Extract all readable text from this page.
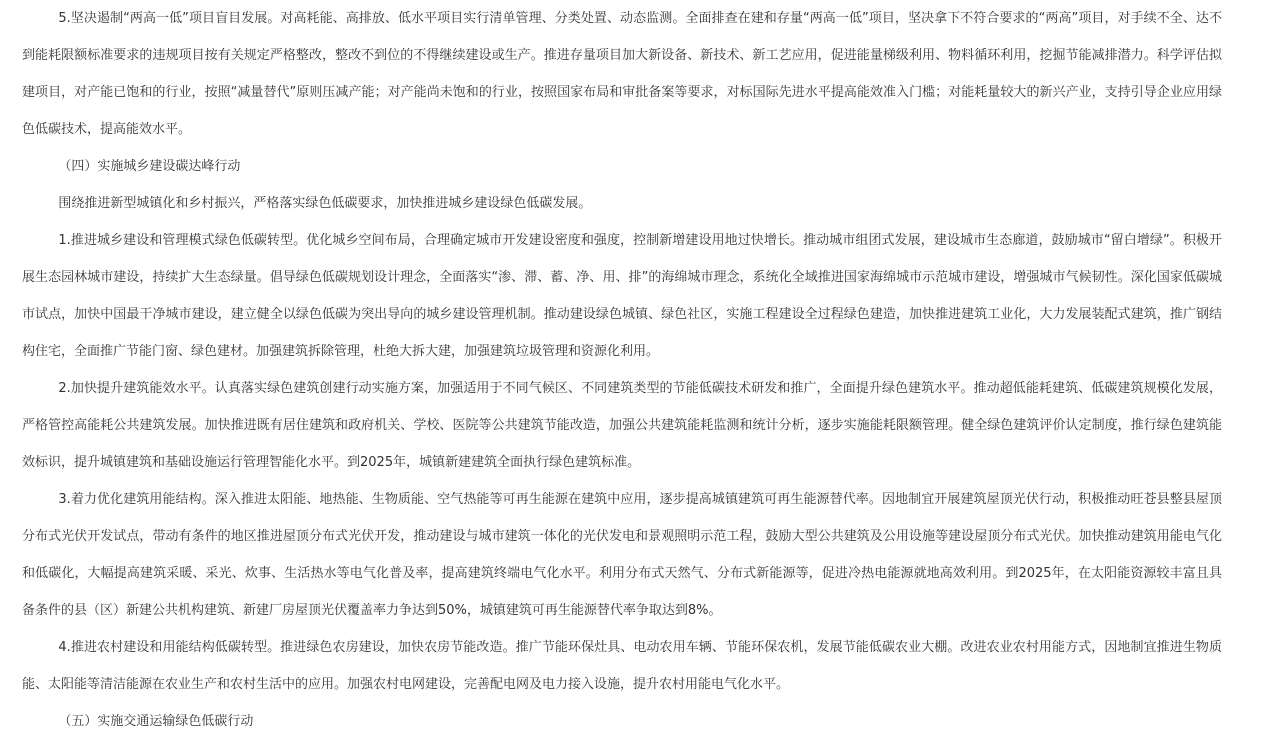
5.坚决遏制“两高一低”项目盲目发展。对高耗能、高排放、低水平项目实行清单管理、分类处置、动态监测。全面排查在建和存量“两高一低”项目，坚决拿下不符合要求的“两高”项目，对手续不全、达不到能耗限额标准要求的违规项目按有关规定严格整改，整改不到位的不得继续建设或生产。推进存量项目加大新设备、新技术、新工艺应用，促进能量梯级利用、物料循环利用，挖掘节能减排潜力。科学评估拟建项目，对产能已饱和的行业，按照“减量替代”原则压减产能；对产能尚未饱和的行业，按照国家布局和审批备案等要求，对标国际先进水平提高能效准入门槛；对能耗量较大的新兴产业，支持引导企业应用绿色低碳技术，提高能效水平。

（四）实施城乡建设碳达峰行动

围绕推进新型城镇化和乡村振兴，严格落实绿色低碳要求，加快推进城乡建设绿色低碳发展。

1.推进城乡建设和管理模式绿色低碳转型。优化城乡空间布局，合理确定城市开发建设密度和强度，控制新增建设用地过快增长。推动城市组团式发展，建设城市生态廊道，鼓励城市“留白增绿”。积极开展生态园林城市建设，持续扩大生态绿量。倡导绿色低碳规划设计理念，全面落实“渗、滞、蓄、净、用、排”的海绵城市理念，系统化全域推进国家海绵城市示范城市建设，增强城市气候韧性。深化国家低碳城市试点，加快中国最干净城市建设，建立健全以绿色低碳为突出导向的城乡建设管理机制。推动建设绿色城镇、绿色社区，实施工程建设全过程绿色建造，加快推进建筑工业化，大力发展装配式建筑，推广钢结构住宅，全面推广节能门窗、绿色建材。加强建筑拆除管理，杜绝大拆大建，加强建筑垃圾管理和资源化利用。

2.加快提升建筑能效水平。认真落实绿色建筑创建行动实施方案，加强适用于不同气候区、不同建筑类型的节能低碳技术研发和推广，全面提升绿色建筑水平。推动超低能耗建筑、低碳建筑规模化发展，严格管控高能耗公共建筑发展。加快推进既有居住建筑和政府机关、学校、医院等公共建筑节能改造，加强公共建筑能耗监测和统计分析，逐步实施能耗限额管理。健全绿色建筑评价认定制度，推行绿色建筑能效标识，提升城镇建筑和基础设施运行管理智能化水平。到2025年，城镇新建建筑全面执行绿色建筑标准。

3.着力优化建筑用能结构。深入推进太阳能、地热能、生物质能、空气热能等可再生能源在建筑中应用，逐步提高城镇建筑可再生能源替代率。因地制宜开展建筑屋顶光伏行动，积极推动旺苍县整县屋顶分布式光伏开发试点，带动有条件的地区推进屋顶分布式光伏开发，推动建设与城市建筑一体化的光伏发电和景观照明示范工程，鼓励大型公共建筑及公用设施等建设屋顶分布式光伏。加快推动建筑用能电气化和低碳化，大幅提高建筑采暖、采光、炊事、生活热水等电气化普及率，提高建筑终端电气化水平。利用分布式天然气、分布式新能源等，促进冷热电能源就地高效利用。到2025年，在太阳能资源较丰富且具备条件的县（区）新建公共机构建筑、新建厂房屋顶光伏覆盖率力争达到50%，城镇建筑可再生能源替代率争取达到8%。

4.推进农村建设和用能结构低碳转型。推进绿色农房建设，加快农房节能改造。推广节能环保灶具、电动农用车辆、节能环保农机，发展节能低碳农业大棚。改进农业农村用能方式，因地制宜推进生物质能、太阳能等清洁能源在农业生产和农村生活中的应用。加强农村电网建设，完善配电网及电力接入设施，提升农村用能电气化水平。

（五）实施交通运输绿色低碳行动
